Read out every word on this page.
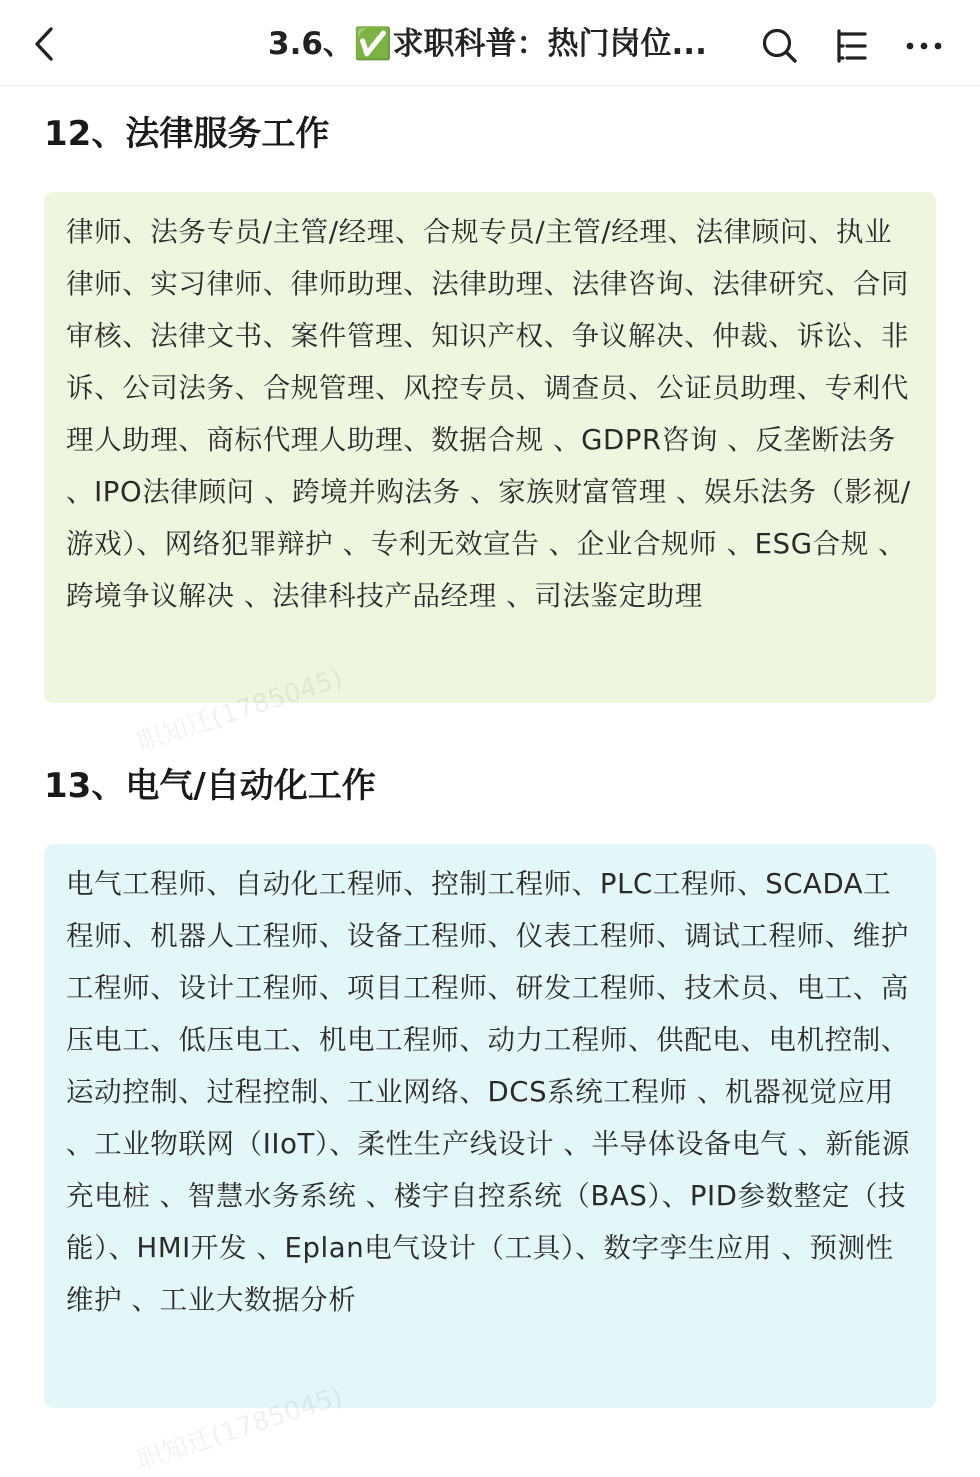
3.6、✅求职科普：热门岗位...
12、法律服务工作
律师、法务专员/主管/经理、合规专员/主管/经理、法律顾问、执业律师、实习律师、律师助理、法律助理、法律咨询、法律研究、合同审核、法律文书、案件管理、知识产权、争议解决、仲裁、诉讼、非诉、公司法务、合规管理、风控专员、调查员、公证员助理、专利代理人助理、商标代理人助理、数据合规 、GDPR咨询 、反垄断法务 、IPO法律顾问 、跨境并购法务 、家族财富管理 、娱乐法务（影视/游戏）、网络犯罪辩护 、专利无效宣告 、企业合规师 、ESG合规 、跨境争议解决 、法律科技产品经理 、司法鉴定助理
职知迁(1785045)
13、电气/自动化工作
电气工程师、自动化工程师、控制工程师、PLC工程师、SCADA工程师、机器人工程师、设备工程师、仪表工程师、调试工程师、维护工程师、设计工程师、项目工程师、研发工程师、技术员、电工、高压电工、低压电工、机电工程师、动力工程师、供配电、电机控制、运动控制、过程控制、工业网络、DCS系统工程师 、机器视觉应用 、工业物联网（IIoT）、柔性生产线设计 、半导体设备电气 、新能源充电桩 、智慧水务系统 、楼宇自控系统（BAS）、PID参数整定（技能）、HMI开发 、Eplan电气设计（工具）、数字孪生应用 、预测性维护 、工业大数据分析
职知迁(1785045)
